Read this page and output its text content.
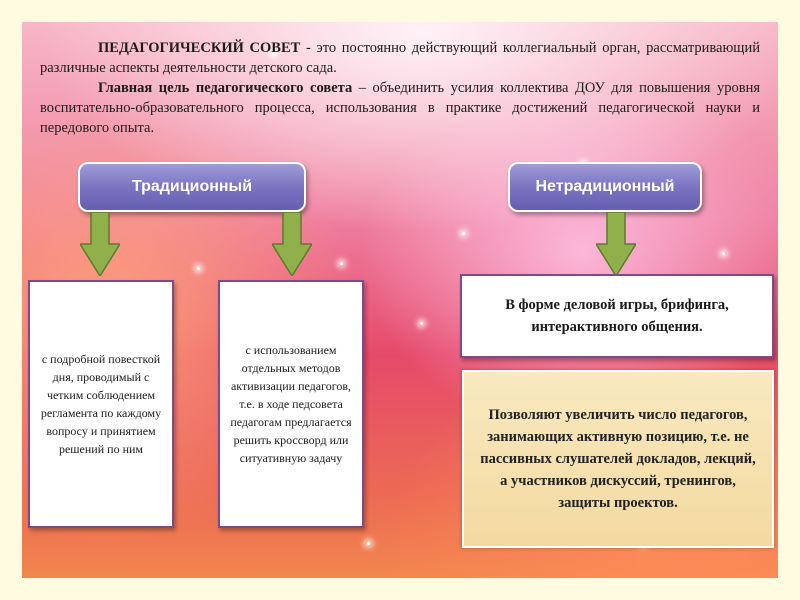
ПЕДАГОГИЧЕСКИЙ СОВЕТ - это постоянно действующий коллегиальный орган, рассматривающий различные аспекты деятельности детского сада.

Главная цель педагогического совета – объединить усилия коллектива ДОУ для повышения уровня воспитательно-образовательного процесса, использования в практике достижений педагогической науки и передового опыта.

Традиционный	Нетрадиционный
с подробной повесткой дня, проводимый с четким соблюдением регламента по каждому вопросу и принятием решений по ним
с использованием отдельных методов активизации педагогов, т.е. в ходе педсовета педагогам предлагается решить кроссворд или ситуативную задачу
В форме деловой игры, брифинга, интерактивного общения.
Позволяют увеличить число педагогов, занимающих активную позицию, т.е. не пассивных слушателей докладов, лекций, а участников дискуссий, тренингов, защиты проектов.
